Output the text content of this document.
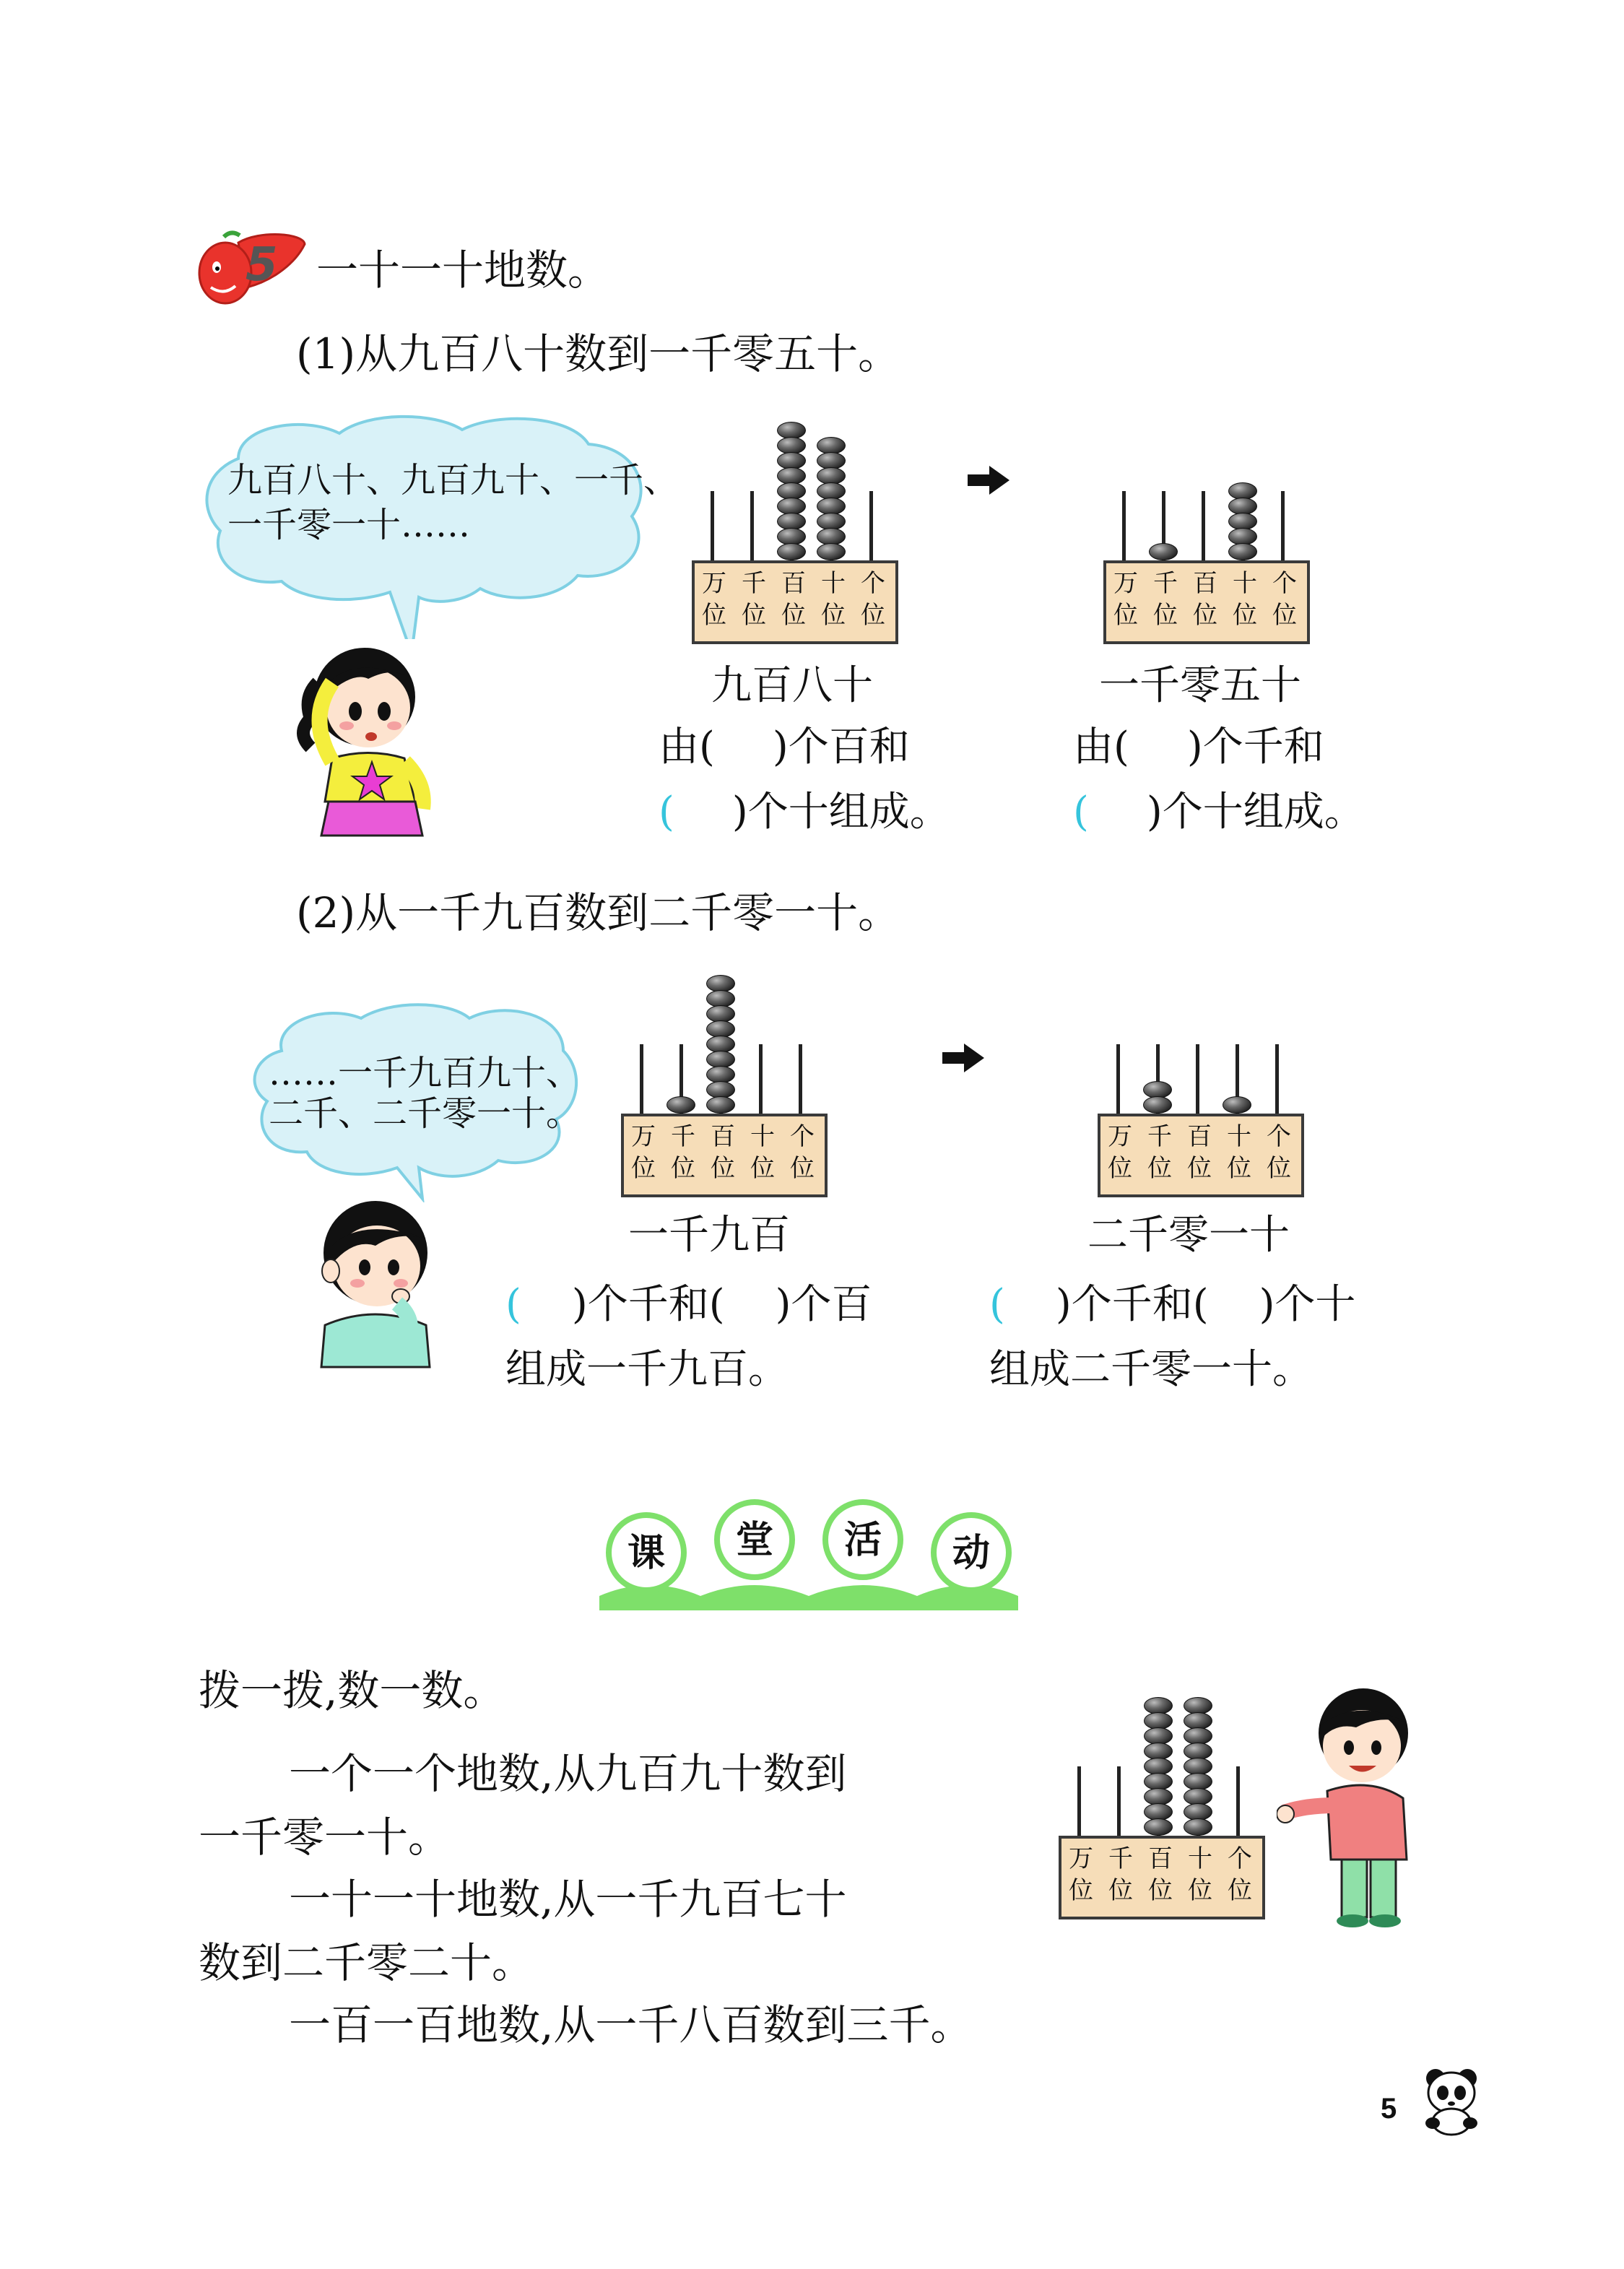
5 一十一十地数。
(1)从九百八十数到一千零五十。
九百八十、九百九十、一千、
一千零一十……
万 千 百 十 个
位 位 位 位 位
万 千 百 十 个
位 位 位 位 位
九百八十
由( )个百和
( )个十组成。
一千零五十
由( )个千和
( )个十组成。
(2)从一千九百数到二千零一十。
……一千九百九十、
二千、二千零一十。
万 千 百 十 个
位 位 位 位 位
万 千 百 十 个
位 位 位 位 位
一千九百
( )个千和( )个百
组成一千九百。
二千零一十
( )个千和( )个十
组成二千零一十。
课 堂 活 动
拨一拨,数一数。
一个一个地数,从九百九十数到
一千零一十。
一十一十地数,从一千九百七十
数到二千零二十。
一百一百地数,从一千八百数到三千。
万 千 百 十 个
位 位 位 位 位
5
